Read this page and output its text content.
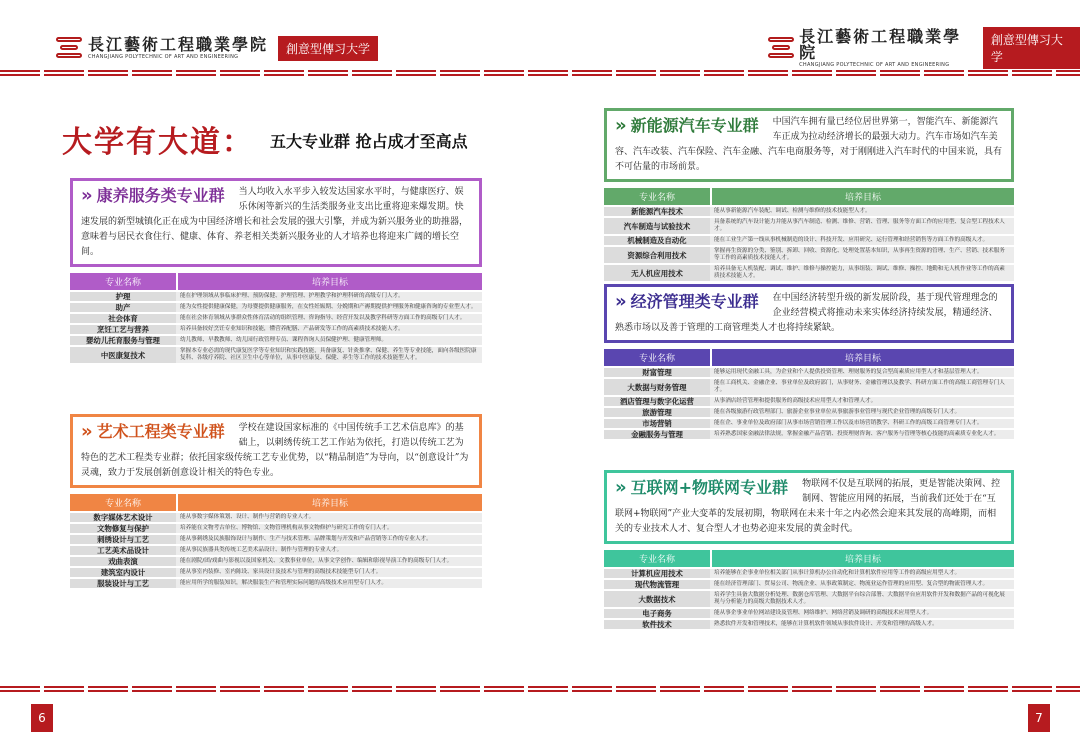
長江藝術工程職業學院
CHANGJIANG POLYTECHNIC OF ART AND ENGINEERING
創意型傳习大学
長江藝術工程職業學院
CHANGJIANG POLYTECHNIC OF ART AND ENGINEERING
創意型傳习大学
6	7
大学有大道： 五大专业群 抢占成才至高点
» 康养服务类专业群 当人均收入水平步入较发达国家水平时，与健康医疗、娱乐休闲等新兴的生活类服务业支出比重将迎来爆发期。快速发展的新型城镇化正在成为中国经济增长和社会发展的强大引擎，并成为新兴服务业的助推器，意味着与居民衣食住行、健康、体育、养老相关类新兴服务业的人才培养也将迎来广阔的增长空间。
专业名称	培养目标
护理	能在护理领域从事临床护理、预防保健、护理管理、护理教学和护理科研的高级专门人才。
助产	能为女性提供健康保健，为母婴提供健康服务，在女性妊娠期、分娩期和产褥期提供护理服务和健康咨询的专业型人才。
社会体育	能在社会体育领域从事群众性体育活动的组织管理、咨询指导、经营开发以及教学科研等方面工作的高级专门人才。
烹饪工艺与营养	培养具备较好烹饪专业知识和技能，懂营养配膳、产品研发等工作的高素质技术技能人才。
婴幼儿托育服务与管理	幼儿教师、早教教师、幼儿园行政管理专员、课程咨询人员保健护理、健康管理师。
中医康复技术	掌握本专业必需的现代康复医学等专业知识和实践技能，具备康复、针灸推拿、保健、养生等专业技能，面向各级医院康复科、各级疗养院、社区卫生中心等单位，从事中医康复、保健、养生等工作的技术技能型人才。
» 艺术工程类专业群 学校在建设国家标准的《中国传统手工艺术信息库》的基础上，以刺绣传统工艺工作站为依托，打造以传统工艺为特色的艺术工程类专业群；依托国家级传统工艺专业优势，以“精品制造”为导向，以“创意设计”为灵魂，致力于发展创新创意设计相关的特色专业。
专业名称	培养目标
数字媒体艺术设计	能从事数字媒体策划、设计、制作与营销的专业人才。
文物修复与保护	培养能在文物考古单位、博物馆、文物管理机构从事文物修护与研究工作的专门人才。
刺绣设计与工艺	能从事刺绣及民族服饰设计与制作、生产与技术管理、品牌策划与开发和产品营销等工作的专业人才。
工艺美术品设计	能从事民族器具类传统工艺美术品设计、制作与管理的专业人才。
戏曲表演	能在剧院/团/戏曲与影视以及国家机关、文教事业单位，从事文学创作、编辑和影视导演工作的高级专门人才。
建筑室内设计	能从事室内装修、室内陈设、家具设计及技术与管理的高级技术技能型专门人才。
服装设计与工艺	能应用所学的服装知识，解决服装生产和管理实际问题的高级技术应用型专门人才。
» 新能源汽车专业群 中国汽车拥有量已经位居世界第一，智能汽车、新能源汽车正成为拉动经济增长的最强大动力。汽车市场如汽车美容、汽车改装、汽车保险、汽车金融、汽车电商服务等，对于刚刚进入汽车时代的中国来说，具有不可估量的市场前景。
专业名称	培养目标
新能源汽车技术	能从事新能源汽车装配、调试、检测与维修的技术技能型人才。
汽车制造与试验技术	具备系统的汽车设计能力并能从事汽车制造、检测、维修、营销、管理、服务等方面工作的应用型、复合型工程技术人才。
机械制造及自动化	能在工业生产第一线从事机械制造的设计、科技开发、应用研究、运行管理和经营销售等方面工作的高级人才。
资源综合利用技术	掌握再生资源的分类、鉴别、拆卸、回收、资源化、处理处置基本知识，从事再生资源的管理、生产、营销、技术服务等工作的高素质技术技能人才。
无人机应用技术	培养具备无人机装配、调试、维护、维修与操控能力，从事组装、调试、维修、操控、地勤和无人机作业等工作的高素质技术技能人才。
» 经济管理类专业群 在中国经济转型升级的新发展阶段，基于现代管理理念的企业经营模式将推动未来实体经济持续发展，精通经济、熟悉市场以及善于管理的工商管理类人才也将持续紧缺。
专业名称	培养目标
财富管理	能够运用现代金融工具，为企业和个人提供投资管理、理财服务的复合型高素质应用型人才和基层管理人才。
大数据与财务管理	能在工商机关、金融企业、事业单位及政府部门，从事财务、金融管理以及教学、科研方面工作的高级工商管理专门人才。
酒店管理与数字化运营	从事酒店经营管理和提供服务的高级技术应用型人才和管理人才。
旅游管理	能在各级旅游行政管理部门、旅游企业事业单位从事旅游事业管理与现代企业管理的高级专门人才。
市场营销	能在企、事业单位及政府部门从事市场营销管理工作以及市场营销教学、科研工作的高级工商管理专门人才。
金融服务与管理	培养熟悉国家金融法律法规，掌握金融产品营销、投资理财咨询、客户服务与管理等核心技能的高素质专业化人才。
» 互联网+物联网专业群 物联网不仅是互联网的拓展，更是智能决策网、控制网、智能应用网的拓展，当前我们还处于在“互联网+物联网”产业大变革的发展初期，物联网在未来十年之内必然会迎来其发展的高峰期，而相关的专业技术人才、复合型人才也势必迎来发展的黄金时代。
专业名称	培养目标
计算机应用技术	培养能够在企事业单位相关部门从事计算机办公自动化和计算机软件应用等工作的高级应用型人才。
现代物流管理	能在经济管理部门、贸易公司、物流企业、从事政策制定、物流业运作管理的应用型、复合型的物流管理人才。
大数据技术	培养学生具备大数据分析处理、数据仓库管理、大数据平台综合部署、大数据平台应用软件开发和数据产品的可视化展现与分析能力的高级大数据技术人才。
电子商务	能从事企事业单位网站建设及管理、网络维护、网络营销及调研的高级技术应用型人才。
软件技术	熟悉软件开发和管理技术，能够在计算机软件领域从事软件设计、开发和管理的高级人才。
